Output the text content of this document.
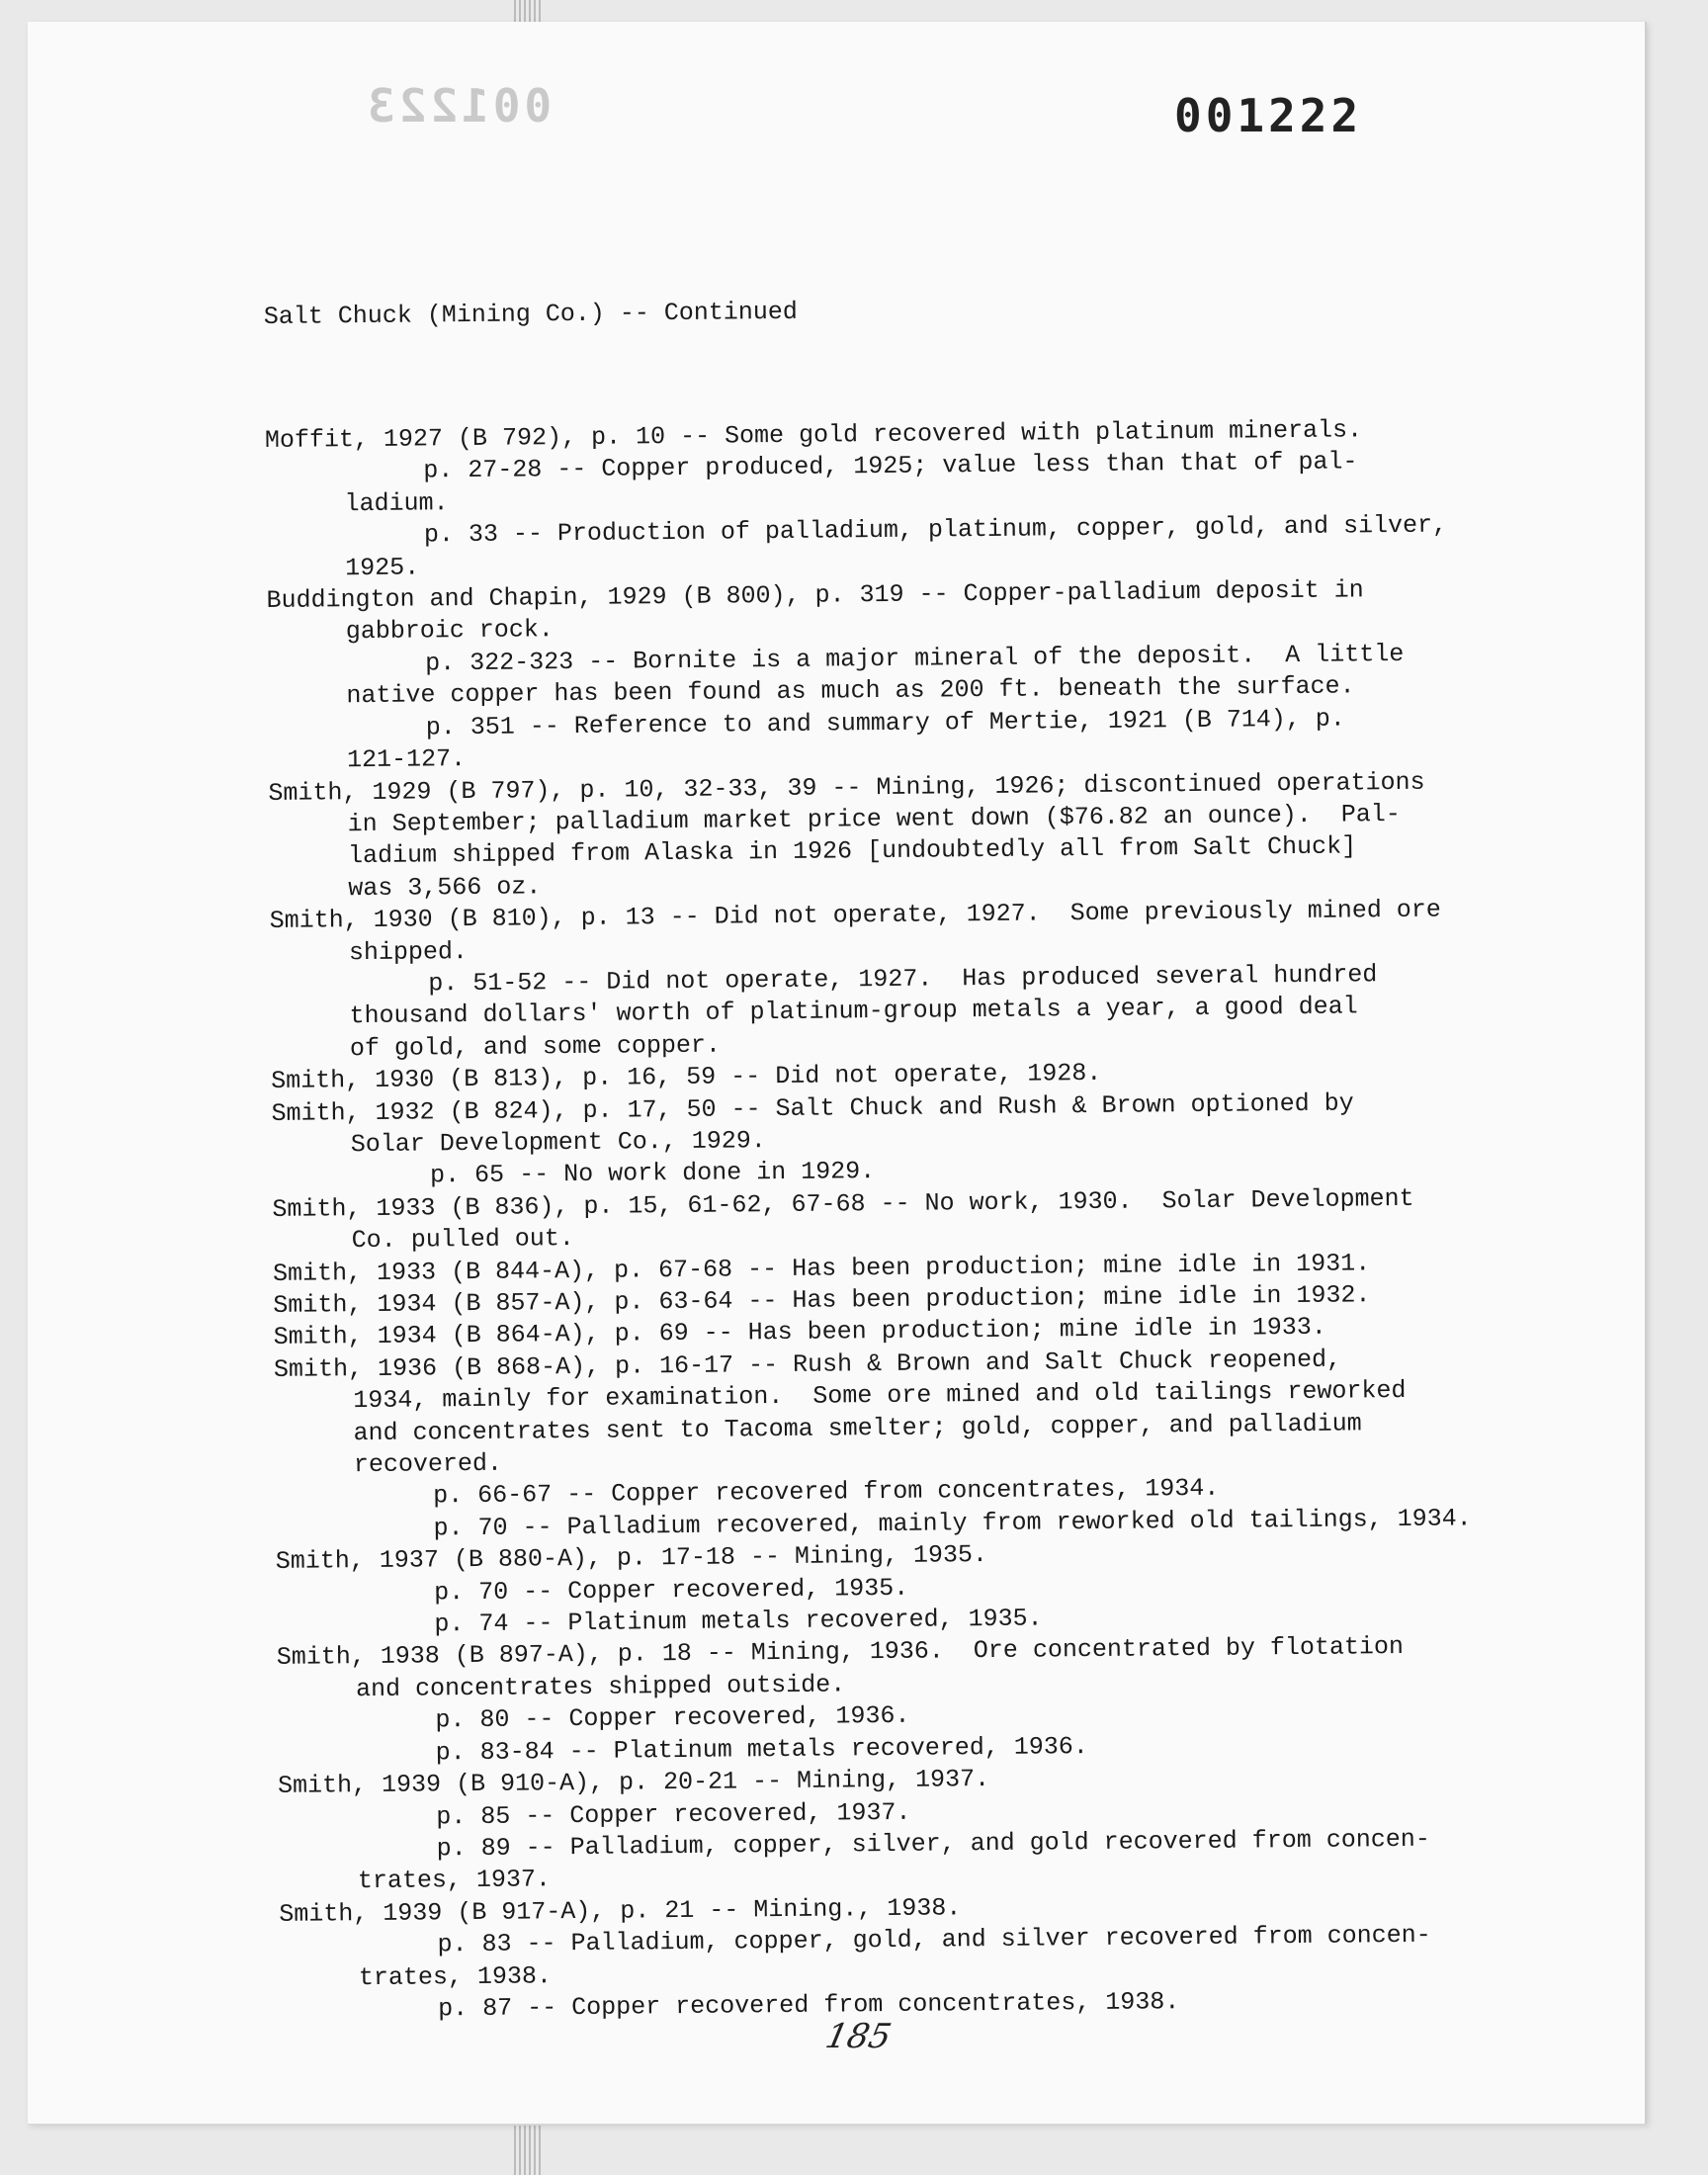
001223	001222

Salt Chuck (Mining Co.) -- Continued

Moffit, 1927 (B 792), p. 10 -- Some gold recovered with platinum minerals.
p. 27-28 -- Copper produced, 1925; value less than that of pal-
ladium.
p. 33 -- Production of palladium, platinum, copper, gold, and silver,
1925.
Buddington and Chapin, 1929 (B 800), p. 319 -- Copper-palladium deposit in
gabbroic rock.
p. 322-323 -- Bornite is a major mineral of the deposit.  A little
native copper has been found as much as 200 ft. beneath the surface.
p. 351 -- Reference to and summary of Mertie, 1921 (B 714), p.
121-127.
Smith, 1929 (B 797), p. 10, 32-33, 39 -- Mining, 1926; discontinued operations
in September; palladium market price went down ($76.82 an ounce).  Pal-
ladium shipped from Alaska in 1926 [undoubtedly all from Salt Chuck]
was 3,566 oz.
Smith, 1930 (B 810), p. 13 -- Did not operate, 1927.  Some previously mined ore
shipped.
p. 51-52 -- Did not operate, 1927.  Has produced several hundred
thousand dollars' worth of platinum-group metals a year, a good deal
of gold, and some copper.
Smith, 1930 (B 813), p. 16, 59 -- Did not operate, 1928.
Smith, 1932 (B 824), p. 17, 50 -- Salt Chuck and Rush & Brown optioned by
Solar Development Co., 1929.
p. 65 -- No work done in 1929.
Smith, 1933 (B 836), p. 15, 61-62, 67-68 -- No work, 1930.  Solar Development
Co. pulled out.
Smith, 1933 (B 844-A), p. 67-68 -- Has been production; mine idle in 1931.
Smith, 1934 (B 857-A), p. 63-64 -- Has been production; mine idle in 1932.
Smith, 1934 (B 864-A), p. 69 -- Has been production; mine idle in 1933.
Smith, 1936 (B 868-A), p. 16-17 -- Rush & Brown and Salt Chuck reopened,
1934, mainly for examination.  Some ore mined and old tailings reworked
and concentrates sent to Tacoma smelter; gold, copper, and palladium
recovered.
p. 66-67 -- Copper recovered from concentrates, 1934.
p. 70 -- Palladium recovered, mainly from reworked old tailings, 1934.
Smith, 1937 (B 880-A), p. 17-18 -- Mining, 1935.
p. 70 -- Copper recovered, 1935.
p. 74 -- Platinum metals recovered, 1935.
Smith, 1938 (B 897-A), p. 18 -- Mining, 1936.  Ore concentrated by flotation
and concentrates shipped outside.
p. 80 -- Copper recovered, 1936.
p. 83-84 -- Platinum metals recovered, 1936.
Smith, 1939 (B 910-A), p. 20-21 -- Mining, 1937.
p. 85 -- Copper recovered, 1937.
p. 89 -- Palladium, copper, silver, and gold recovered from concen-
trates, 1937.
Smith, 1939 (B 917-A), p. 21 -- Mining., 1938.
p. 83 -- Palladium, copper, gold, and silver recovered from concen-
trates, 1938.
p. 87 -- Copper recovered from concentrates, 1938.

185
